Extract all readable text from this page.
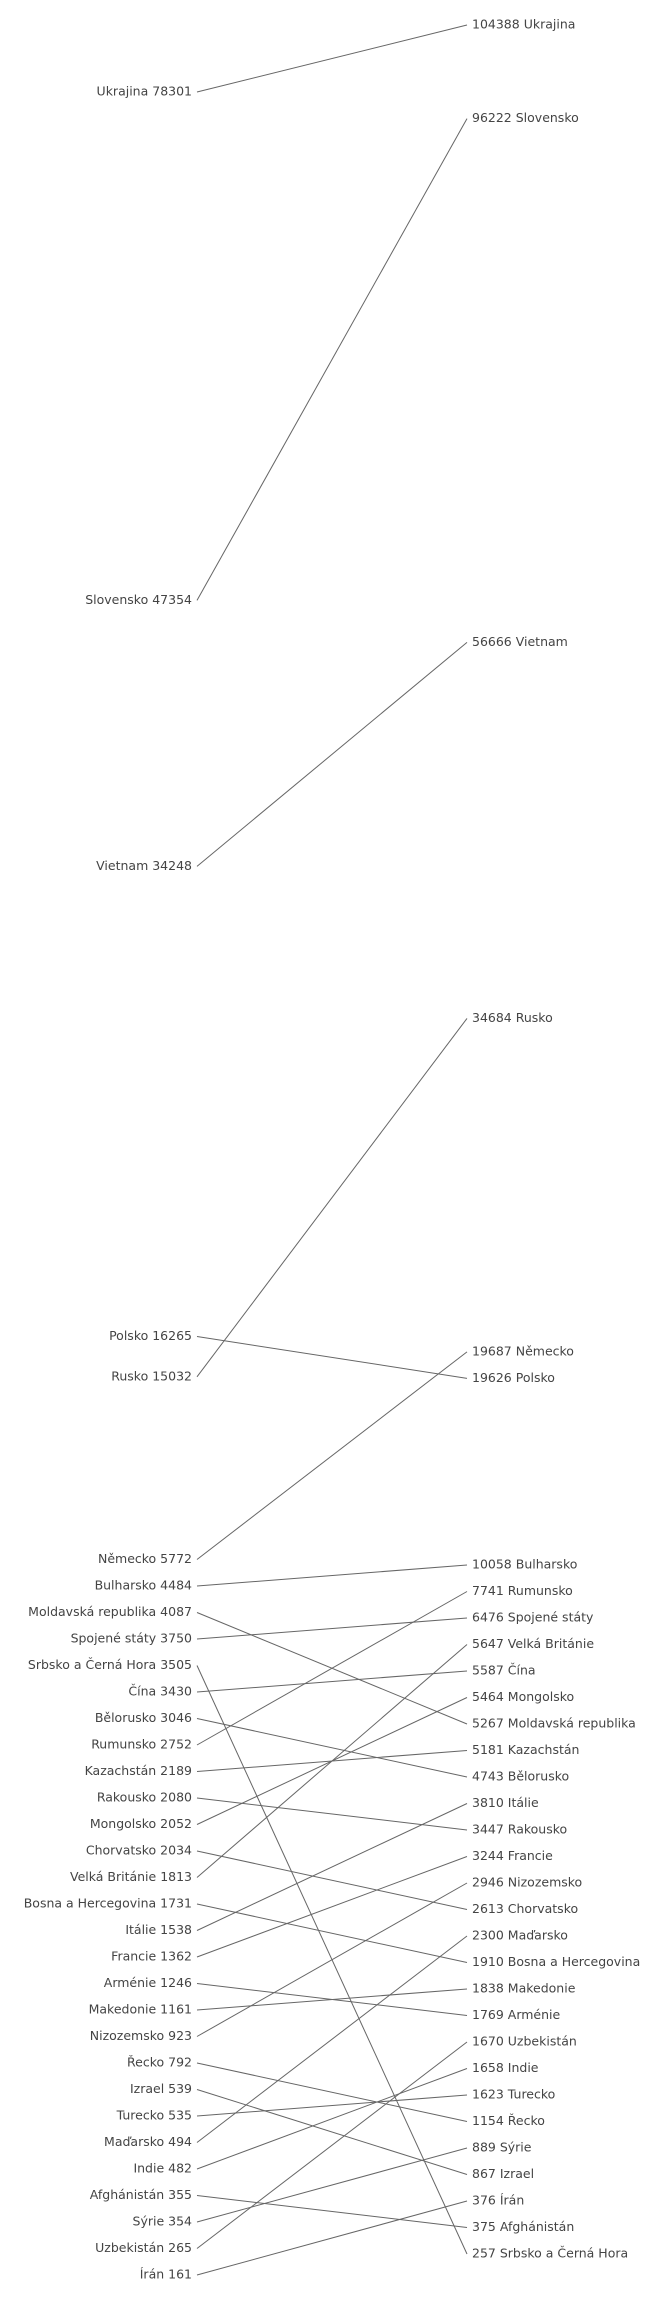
Ukrajina 78301
Slovensko 47354
Vietnam 34248
Rusko 15032
Německo 5772
Polsko 16265
Bulharsko 4484
Rumunsko 2752
Spojené státy 3750
Velká Británie 1813
Čína 3430
Mongolsko 2052
Moldavská republika 4087
Kazachstán 2189
Bělorusko 3046
Itálie 1538
Rakousko 2080
Francie 1362
Nizozemsko 923
Chorvatsko 2034
Maďarsko 494
Bosna a Hercegovina 1731
Makedonie 1161
Arménie 1246
Uzbekistán 265
Indie 482
Turecko 535
Řecko 792
Sýrie 354
Izrael 539
Írán 161
Afghánistán 355
Srbsko a Černá Hora 3505
104388 Ukrajina
96222 Slovensko
56666 Vietnam
34684 Rusko
19687 Německo
19626 Polsko
10058 Bulharsko
7741 Rumunsko
6476 Spojené státy
5647 Velká Británie
5587 Čína
5464 Mongolsko
5267 Moldavská republika
5181 Kazachstán
4743 Bělorusko
3810 Itálie
3447 Rakousko
3244 Francie
2946 Nizozemsko
2613 Chorvatsko
2300 Maďarsko
1910 Bosna a Hercegovina
1838 Makedonie
1769 Arménie
1670 Uzbekistán
1658 Indie
1623 Turecko
1154 Řecko
889 Sýrie
867 Izrael
376 Írán
375 Afghánistán
257 Srbsko a Černá Hora
